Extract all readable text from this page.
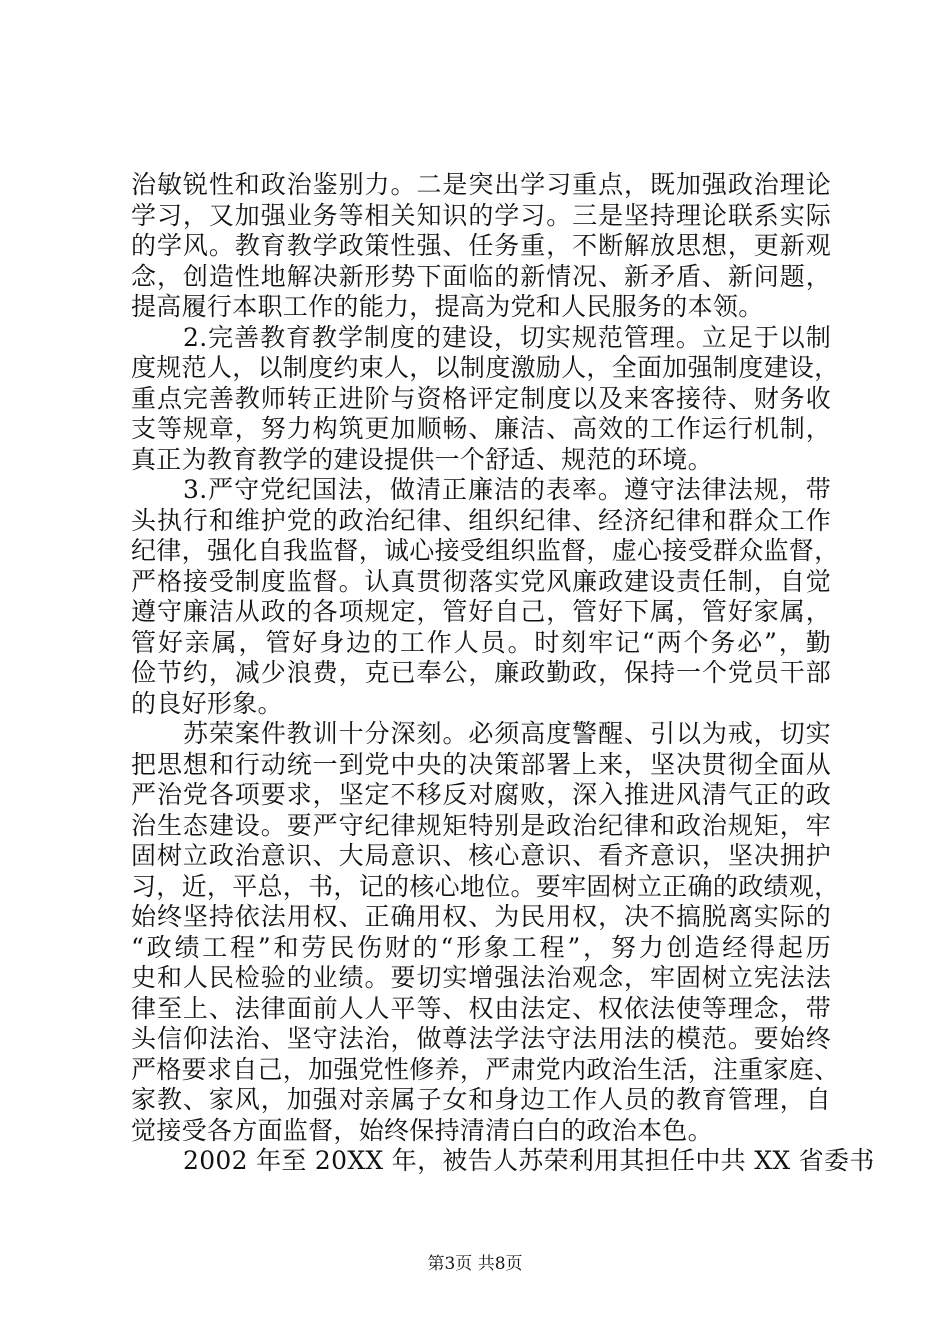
治敏锐性和政治鉴别力。二是突出学习重点，既加强政治理论
学习，又加强业务等相关知识的学习。三是坚持理论联系实际
的学风。教育教学政策性强、任务重，不断解放思想，更新观
念，创造性地解决新形势下面临的新情况、新矛盾、新问题，
提高履行本职工作的能力，提高为党和人民服务的本领。
2.完善教育教学制度的建设，切实规范管理。立足于以制
度规范人，以制度约束人，以制度激励人，全面加强制度建设，
重点完善教师转正进阶与资格评定制度以及来客接待、财务收
支等规章，努力构筑更加顺畅、廉洁、高效的工作运行机制，
真正为教育教学的建设提供一个舒适、规范的环境。
3.严守党纪国法，做清正廉洁的表率。遵守法律法规，带
头执行和维护党的政治纪律、组织纪律、经济纪律和群众工作
纪律，强化自我监督，诚心接受组织监督，虚心接受群众监督，
严格接受制度监督。认真贯彻落实党风廉政建设责任制，自觉
遵守廉洁从政的各项规定，管好自己，管好下属，管好家属，
管好亲属，管好身边的工作人员。时刻牢记“两个务必”，勤
俭节约，减少浪费，克已奉公，廉政勤政，保持一个党员干部
的良好形象。
苏荣案件教训十分深刻。必须高度警醒、引以为戒，切实
把思想和行动统一到党中央的决策部署上来，坚决贯彻全面从
严治党各项要求，坚定不移反对腐败，深入推进风清气正的政
治生态建设。要严守纪律规矩特别是政治纪律和政治规矩，牢
固树立政治意识、大局意识、核心意识、看齐意识，坚决拥护
习，近，平总，书，记的核心地位。要牢固树立正确的政绩观，
始终坚持依法用权、正确用权、为民用权，决不搞脱离实际的
“政绩工程”和劳民伤财的“形象工程”，努力创造经得起历
史和人民检验的业绩。要切实增强法治观念，牢固树立宪法法
律至上、法律面前人人平等、权由法定、权依法使等理念，带
头信仰法治、坚守法治，做尊法学法守法用法的模范。要始终
严格要求自己，加强党性修养，严肃党内政治生活，注重家庭、
家教、家风，加强对亲属子女和身边工作人员的教育管理，自
觉接受各方面监督，始终保持清清白白的政治本色。
2002 年至 20XX 年，被告人苏荣利用其担任中共 XX 省委书
第3页 共8页
